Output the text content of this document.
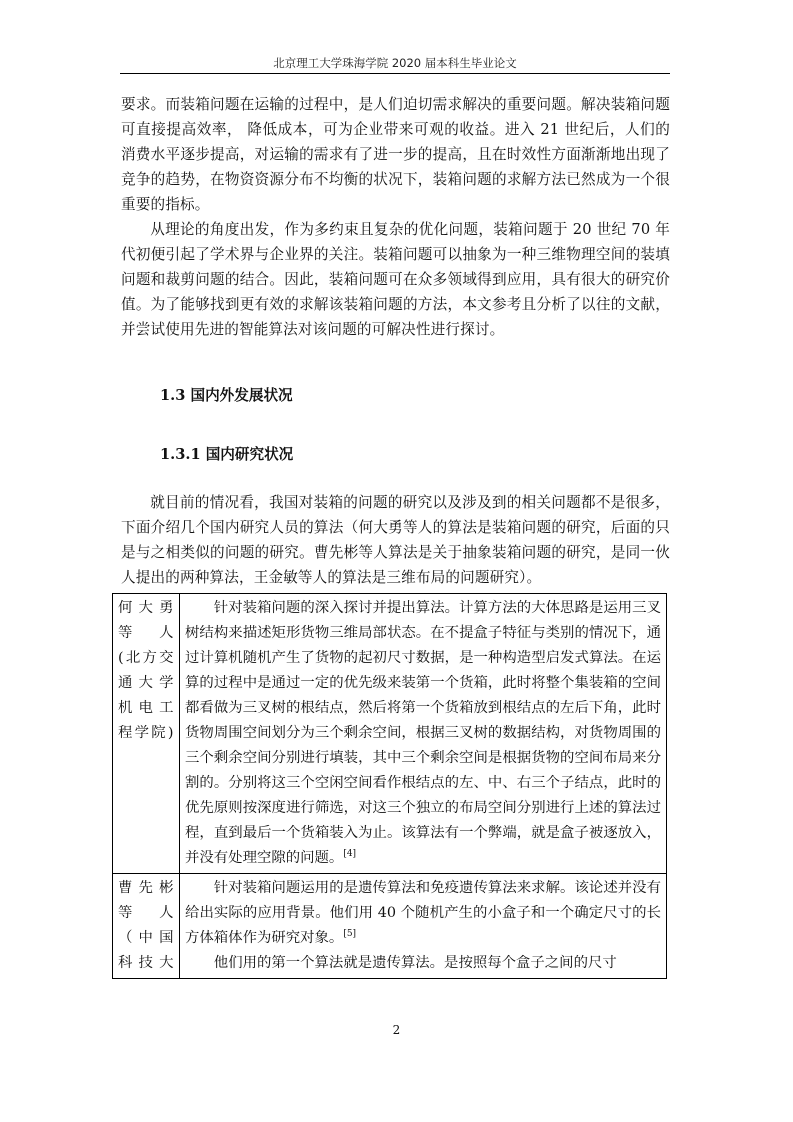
北京理工大学珠海学院 2020 届本科生毕业论文

要求。而装箱问题在运输的过程中，是人们迫切需求解决的重要问题。解决装箱问题可直接提高效率， 降低成本，可为企业带来可观的收益。进入 21 世纪后，人们的消费水平逐步提高，对运输的需求有了进一步的提高，且在时效性方面渐渐地出现了竞争的趋势，在物资资源分布不均衡的状况下，装箱问题的求解方法已然成为一个很重要的指标。

从理论的角度出发，作为多约束且复杂的优化问题，装箱问题于 20 世纪 70 年代初便引起了学术界与企业界的关注。装箱问题可以抽象为一种三维物理空间的装填问题和裁剪问题的结合。因此，装箱问题可在众多领域得到应用，具有很大的研究价值。为了能够找到更有效的求解该装箱问题的方法，本文参考且分析了以往的文献，并尝试使用先进的智能算法对该问题的可解决性进行探讨。

1.3 国内外发展状况
1.3.1 国内研究状况

就目前的情况看，我国对装箱的问题的研究以及涉及到的相关问题都不是很多，下面介绍几个国内研究人员的算法（何大勇等人的算法是装箱问题的研究，后面的只是与之相类似的问题的研究。曹先彬等人算法是关于抽象装箱问题的研究，是同一伙人提出的两种算法，王金敏等人的算法是三维布局的问题研究）。

何大勇等　人(北方交通大学机电工程学院)	针对装箱问题的深入探讨并提出算法。计算方法的大体思路是运用三叉树结构来描述矩形货物三维局部状态。在不提盒子特征与类别的情况下，通过计算机随机产生了货物的起初尺寸数据，是一种构造型启发式算法。在运算的过程中是通过一定的优先级来装第一个货箱，此时将整个集装箱的空间都看做为三叉树的根结点，然后将第一个货箱放到根结点的左后下角，此时货物周围空间划分为三个剩余空间，根据三叉树的数据结构，对货物周围的三个剩余空间分别进行填装，其中三个剩余空间是根据货物的空间布局来分割的。分别将这三个空闲空间看作根结点的左、中、右三个子结点，此时的优先原则按深度进行筛选，对这三个独立的布局空间分别进行上述的算法过程，直到最后一个货箱装入为止。该算法有一个弊端，就是盒子被逐放入，并没有处理空隙的问题。[4]

曹先彬等　人（中国科技大	针对装箱问题运用的是遗传算法和免疫遗传算法来求解。该论述并没有给出实际的应用背景。他们用 40 个随机产生的小盒子和一个确定尺寸的长方体箱体作为研究对象。[5]

他们用的第一个算法就是遗传算法。是按照每个盒子之间的尺寸

2
